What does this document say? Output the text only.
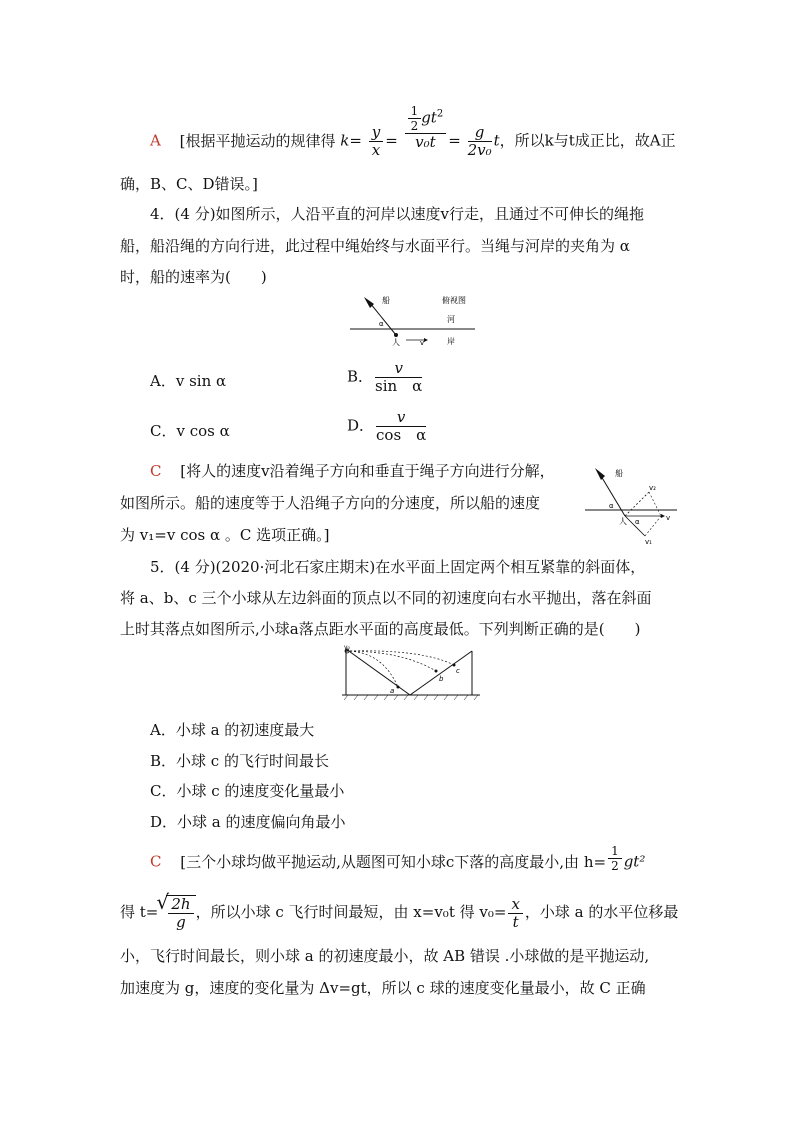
A [根据平抛运动的规律得 $k= \frac{y}{x} = \frac{\frac{1}{2} gt^2}{\text{v₀t}} = \frac{g}{\text{2v₀}}$ t，所以k与t成正比，故A正
确，B、C、D错误。]
4．(4 分)如图所示，人沿平直的河岸以速度v行走，且通过不可伸长的绳拖
船，船沿绳的方向行进，此过程中绳始终与水面平行。当绳与河岸的夹角为 α
时，船的速率为(　　)
船	俯视图
河
岸
人	v
α
A．v sin α	B． $\frac{v}{\text{sin　α}}$
C．v cos α	D． $\frac{v}{\text{cos　α}}$
C [将人的速度v沿着绳子方向和垂直于绳子方向进行分解，
如图所示。船的速度等于人沿绳子方向的分速度，所以船的速度
为 v₁=v cos α 。C 选项正确。]
船
人	v
v₁
v₂
α
α
5．(4 分)(2020·河北石家庄期末)在水平面上固定两个相互紧靠的斜面体，
将 a、b、c 三个小球从左边斜面的顶点以不同的初速度向右水平抛出，落在斜面
上时其落点如图所示,小球a落点距水平面的高度最低。下列判断正确的是(　　)
v₀
a
b
c
A．小球 a 的初速度最大
B．小球 c 的飞行时间最长
C．小球 c 的速度变化量最小
D．小球 a 的速度偏向角最小
C [三个小球均做平抛运动,从题图可知小球c下落的高度最小,由 $h= \frac{1}{2} gt^2$
得 t=
√ $\frac{2h}{g}$ ，所以小球 c 飞行时间最短，由 x=v₀t 得 $v_0= \frac{x}{t}$ ，小球 a 的水平位移最
小，飞行时间最长，则小球 a 的初速度最小，故 AB 错误 .小球做的是平抛运动,
加速度为 g，速度的变化量为 Δv=gt，所以 c 球的速度变化量最小，故 C 正确
